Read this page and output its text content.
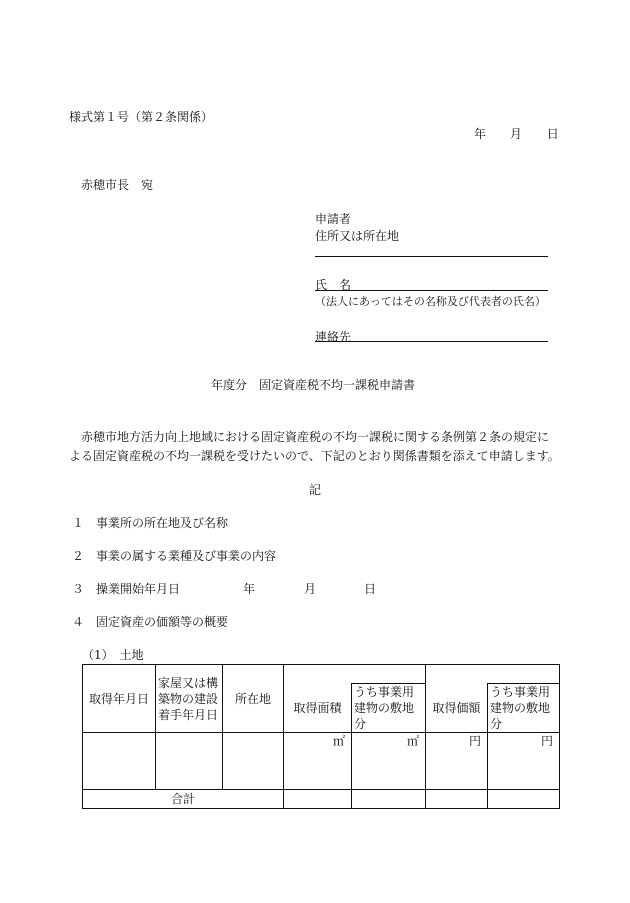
様式第１号（第２条関係）
年 月 日
赤穂市長　宛
申請者
住所又は所在地
氏　名
（法人にあってはその名称及び代表者の氏名）
連絡先
年度分　固定資産税不均一課税申請書
　赤穂市地方活力向上地域における固定資産税の不均一課税に関する条例第２条の規定に
よる固定資産税の不均一課税を受けたいので、下記のとおり関係書類を添えて申請します。
記
１　事業所の所在地及び名称
２　事業の属する業種及び事業の内容
３　操業開始年月日	年	月	日
４　固定資産の価額等の概要
（1）　土地
取得年月日	家屋又は構築物の建設着手年月日	所在地				
			取得面積	うち事業用建物の敷地分	取得価額	うち事業用建物の敷地分
			㎡	㎡	円	円
合計						
